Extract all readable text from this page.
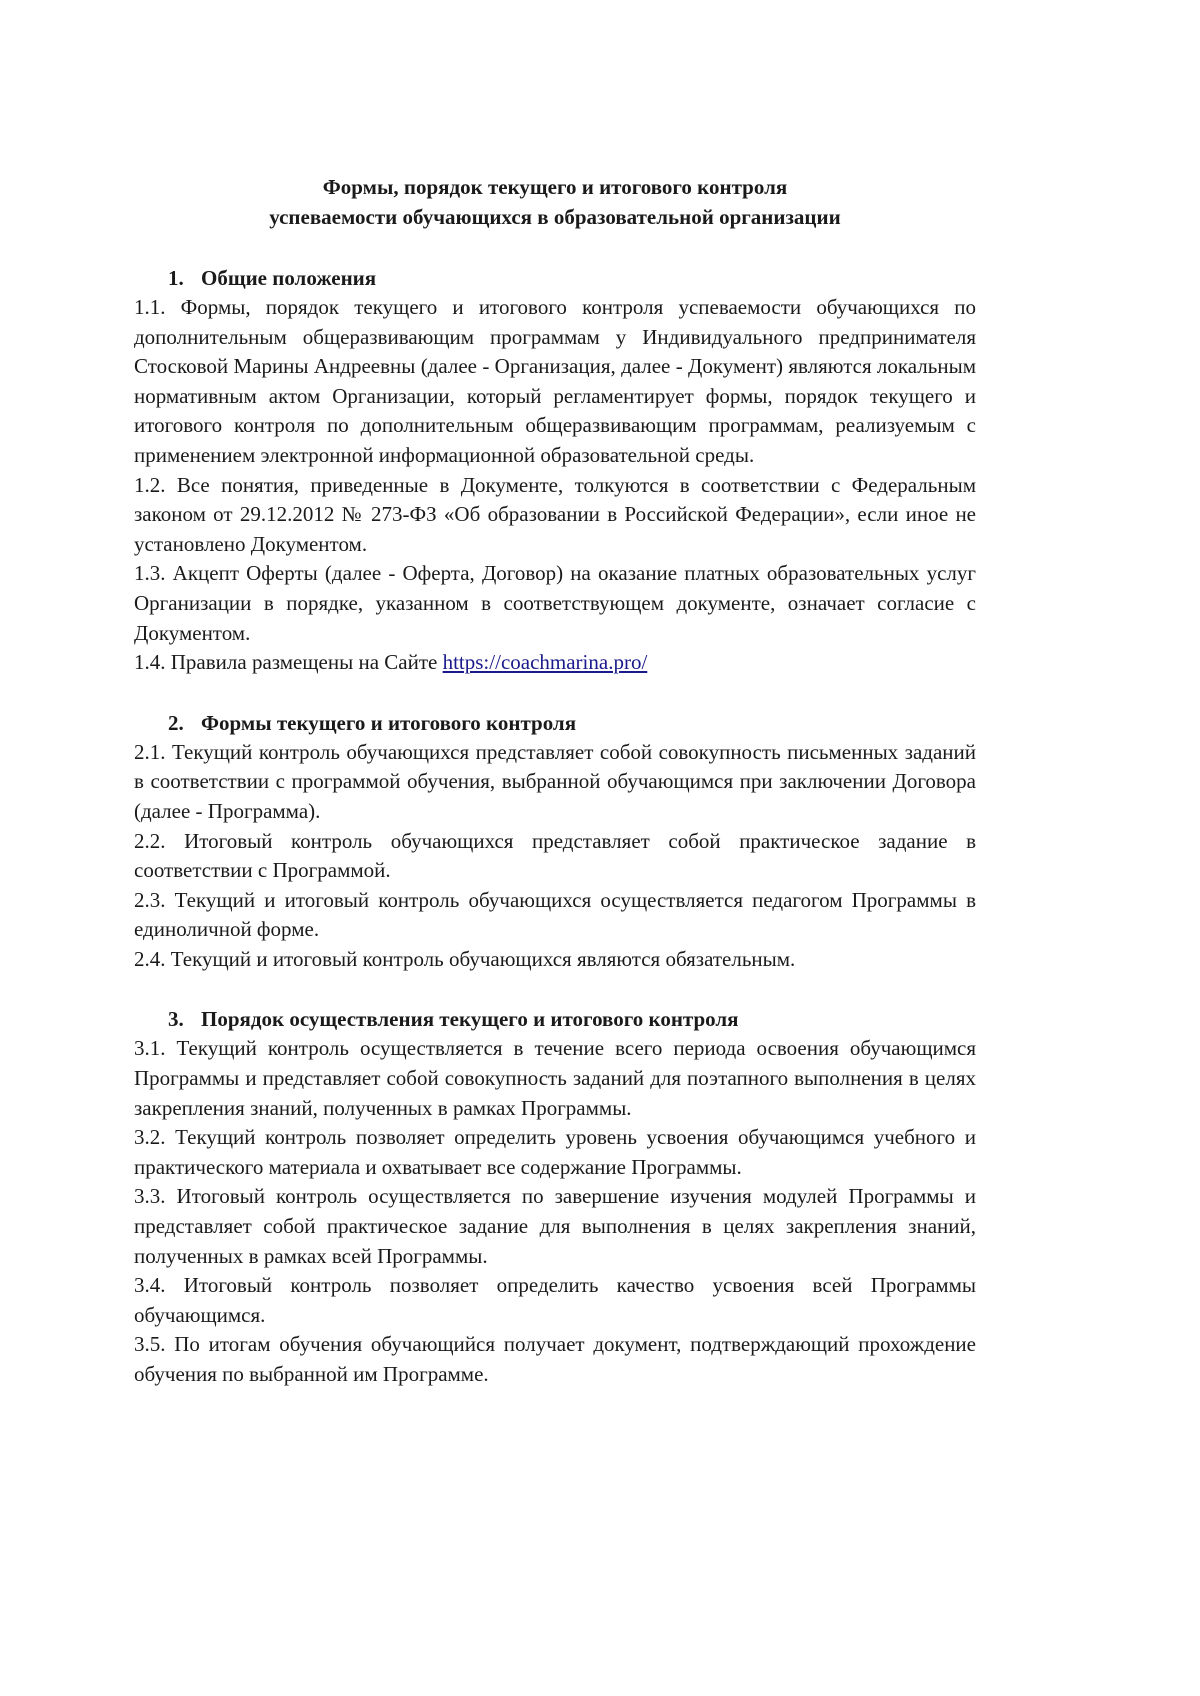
Формы, порядок текущего и итогового контроля
успеваемости обучающихся в образовательной организации
1. Общие положения

1.1. Формы, порядок текущего и итогового контроля успеваемости обучающихся по дополнительным общеразвивающим программам у Индивидуального предпринимателя Стосковой Марины Андреевны (далее - Организация, далее - Документ) являются локальным нормативным актом Организации, который регламентирует формы, порядок текущего и итогового контроля по дополнительным общеразвивающим программам, реализуемым с применением электронной информационной образовательной среды.

1.2. Все понятия, приведенные в Документе, толкуются в соответствии с Федеральным законом от 29.12.2012 № 273-ФЗ «Об образовании в Российской Федерации», если иное не установлено Документом.

1.3. Акцепт Оферты (далее - Оферта, Договор) на оказание платных образовательных услуг Организации в порядке, указанном в соответствующем документе, означает согласие с Документом.

1.4. Правила размещены на Сайте https://coachmarina.pro/

2. Формы текущего и итогового контроля

2.1. Текущий контроль обучающихся представляет собой совокупность письменных заданий в соответствии с программой обучения, выбранной обучающимся при заключении Договора (далее - Программа).

2.2. Итоговый контроль обучающихся представляет собой практическое задание в соответствии с Программой.

2.3. Текущий и итоговый контроль обучающихся осуществляется педагогом Программы в единоличной форме.

2.4. Текущий и итоговый контроль обучающихся являются обязательным.

3. Порядок осуществления текущего и итогового контроля

3.1. Текущий контроль осуществляется в течение всего периода освоения обучающимся Программы и представляет собой совокупность заданий для поэтапного выполнения в целях закрепления знаний, полученных в рамках Программы.

3.2. Текущий контроль позволяет определить уровень усвоения обучающимся учебного и практического материала и охватывает все содержание Программы.

3.3. Итоговый контроль осуществляется по завершение изучения модулей Программы и представляет собой практическое задание для выполнения в целях закрепления знаний, полученных в рамках всей Программы.

3.4. Итоговый контроль позволяет определить качество усвоения всей Программы обучающимся.

3.5. По итогам обучения обучающийся получает документ, подтверждающий прохождение обучения по выбранной им Программе.
